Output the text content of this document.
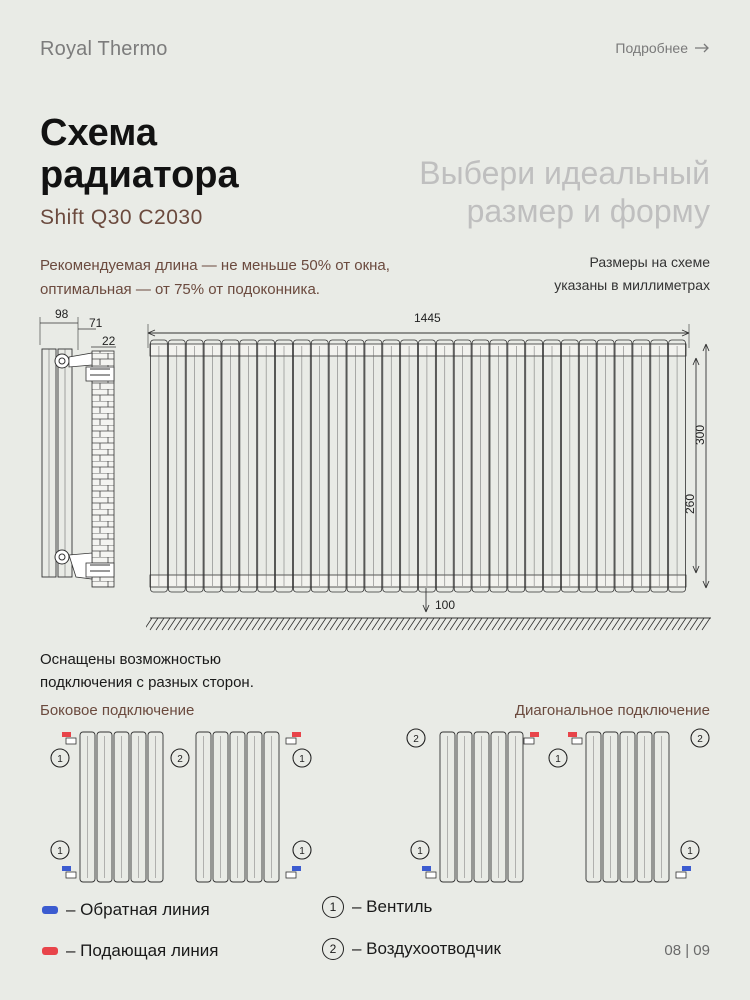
Royal Thermo	Подробнее
Схема
радиатора
Shift Q30 C2030
Выбери идеальный
размер и форму
Рекомендуемая длина — не меньше 50% от окна,
оптимальная — от 75% от подоконника.
Размеры на схеме
указаны в миллиметрах
98
71
22
1445
300
260
100
Оснащены возможностью
подключения с разных сторон.
Боковое подключение	Диагональное подключение
1
1
2	1
1
2
1
1
2
1
– Обратная линия
– Подающая линия
1 – Вентиль
2 – Воздухоотводчик	08 | 09
